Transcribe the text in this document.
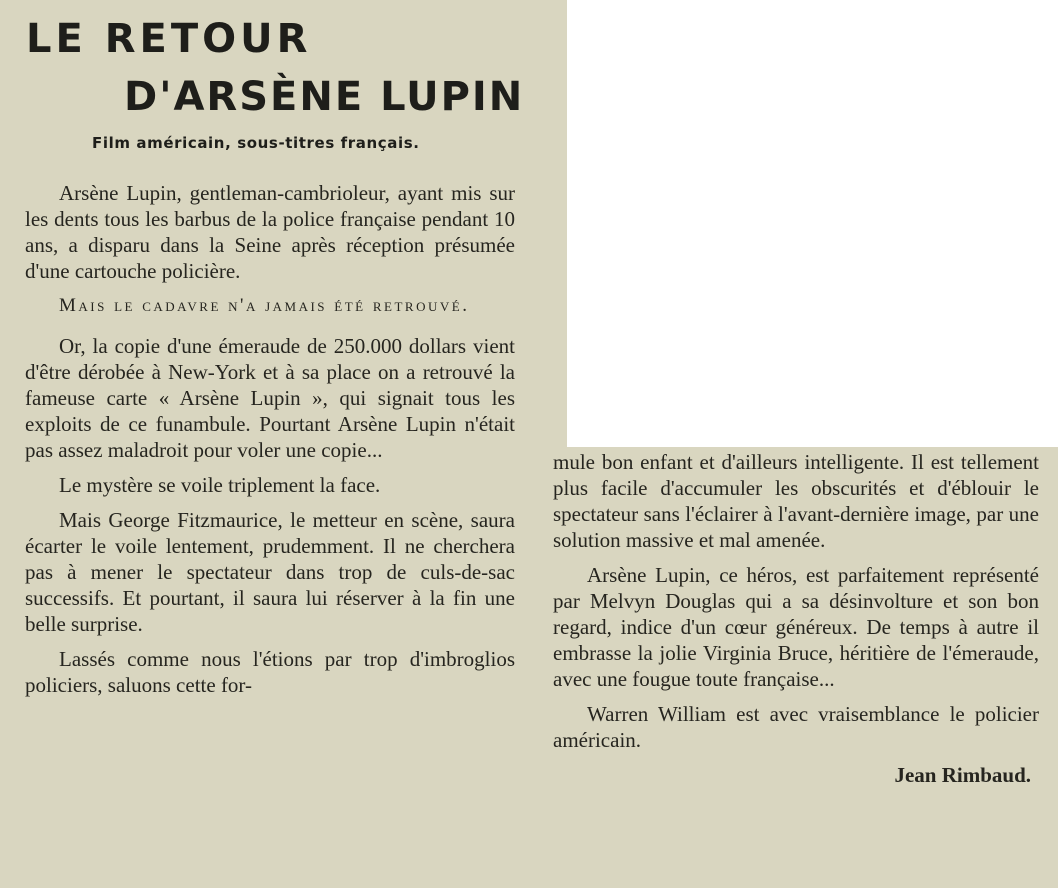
LE RETOUR
D'ARSÈNE LUPIN
Film américain, sous-titres français.

Arsène Lupin, gentleman-cambrioleur, ayant mis sur les dents tous les barbus de la police française pendant 10 ans, a disparu dans la Seine après réception présumée d'une cartouche policière.

Mais le cadavre n'a jamais été retrouvé.

Or, la copie d'une émeraude de 250.000 dollars vient d'être dérobée à New-York et à sa place on a retrouvé la fameuse carte « Arsène Lupin », qui signait tous les exploits de ce funambule. Pourtant Arsène Lupin n'était pas assez maladroit pour voler une copie...

Le mystère se voile triplement la face.

Mais George Fitzmaurice, le metteur en scène, saura écarter le voile lentement, prudemment. Il ne cherchera pas à mener le spectateur dans trop de culs-de-sac successifs. Et pourtant, il saura lui réserver à la fin une belle surprise.

Lassés comme nous l'étions par trop d'imbroglios policiers, saluons cette for-

mule bon enfant et d'ailleurs intelligente. Il est tellement plus facile d'accumuler les obscurités et d'éblouir le spectateur sans l'éclairer à l'avant-dernière image, par une solution massive et mal amenée.

Arsène Lupin, ce héros, est parfaitement représenté par Melvyn Douglas qui a sa désinvolture et son bon regard, indice d'un cœur généreux. De temps à autre il embrasse la jolie Virginia Bruce, héritière de l'émeraude, avec une fougue toute française...

Warren William est avec vraisemblance le policier américain.

Jean Rimbaud.
